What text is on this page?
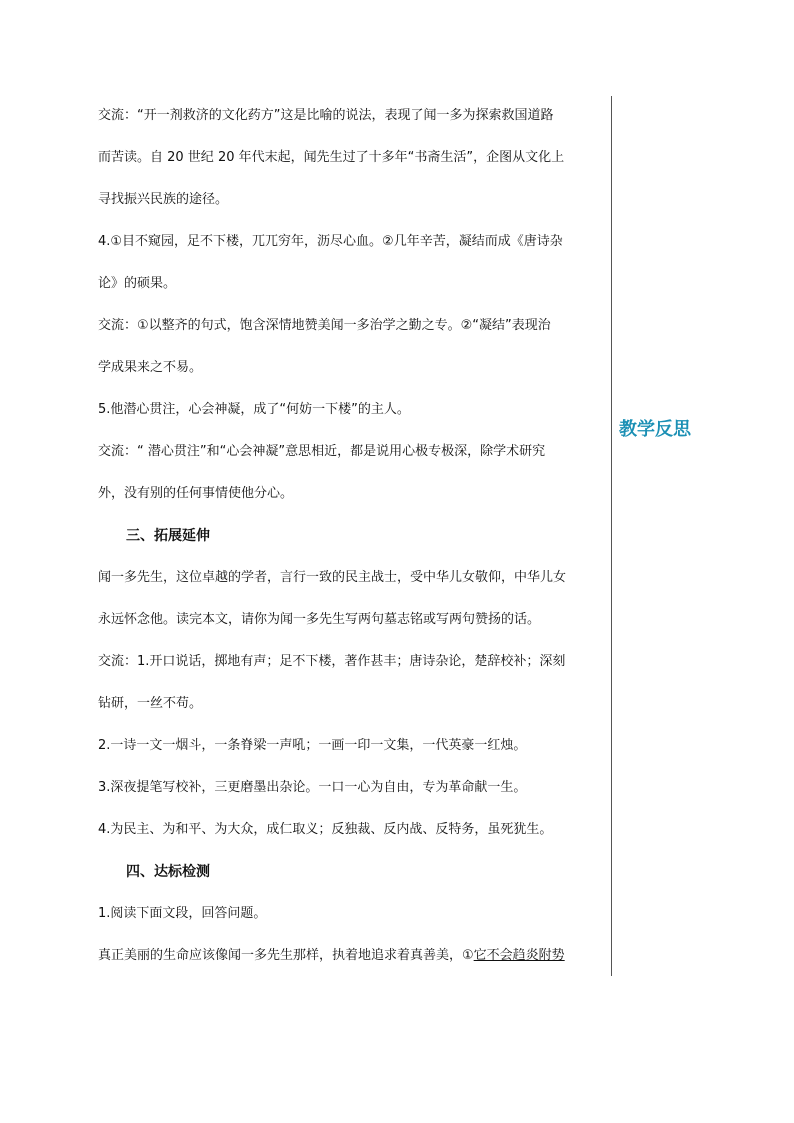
交流：“开一剂救济的文化药方”这是比喻的说法，表现了闻一多为探索救国道路
而苦读。自 20 世纪 20 年代末起，闻先生过了十多年“书斋生活”，企图从文化上
寻找振兴民族的途径。
4.①目不窥园，足不下楼，兀兀穷年，沥尽心血。②几年辛苦，凝结而成《唐诗杂
论》的硕果。
交流：①以整齐的句式，饱含深情地赞美闻一多治学之勤之专。②“凝结”表现治
学成果来之不易。
5.他潜心贯注，心会神凝，成了“何妨一下楼”的主人。
交流：“ 潜心贯注”和“心会神凝”意思相近，都是说用心极专极深，除学术研究
外，没有别的任何事情使他分心。
三、拓展延伸
闻一多先生，这位卓越的学者，言行一致的民主战士，受中华儿女敬仰，中华儿女
永远怀念他。读完本文，请你为闻一多先生写两句墓志铭或写两句赞扬的话。
交流：1.开口说话，掷地有声；足不下楼，著作甚丰；唐诗杂论，楚辞校补；深刻
钻研，一丝不苟。
2.一诗一文一烟斗，一条脊梁一声吼；一画一印一文集，一代英豪一红烛。
3.深夜提笔写校补，三更磨墨出杂论。一口一心为自由，专为革命献一生。
4.为民主、为和平、为大众，成仁取义；反独裁、反内战、反特务，虽死犹生。
四、达标检测
1.阅读下面文段，回答问题。
真正美丽的生命应该像闻一多先生那样，执着地追求着真善美，①它不会趋炎附势
教学反思
